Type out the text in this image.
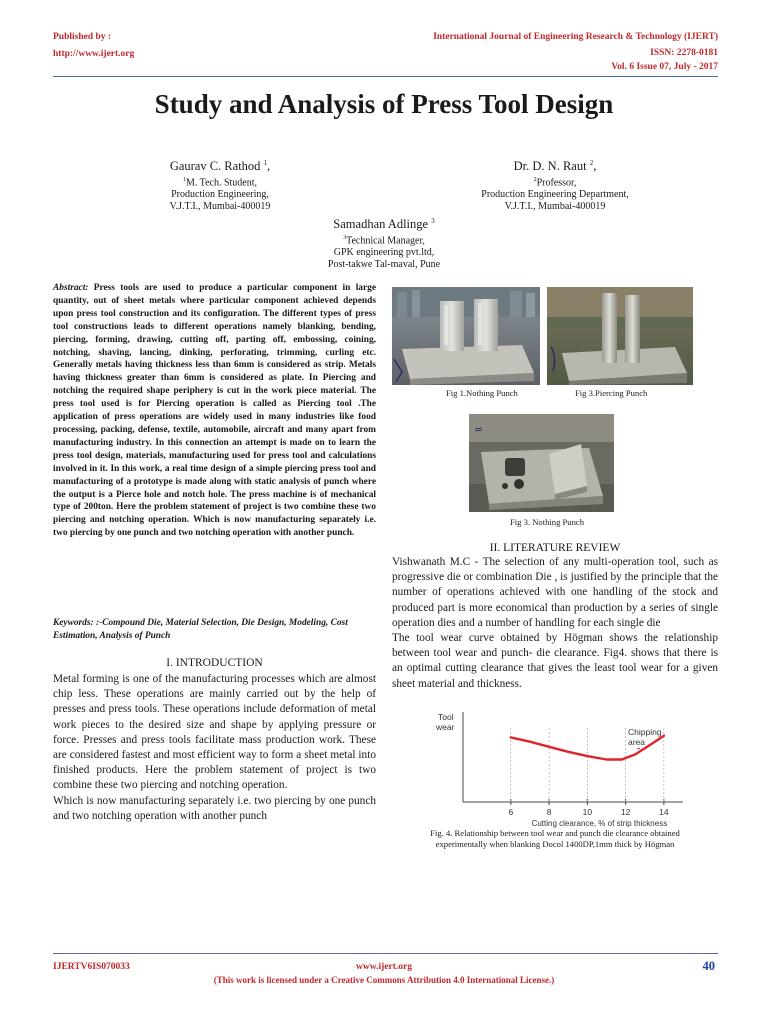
Published by :
http://www.ijert.org
International Journal of Engineering Research & Technology (IJERT)
ISSN: 2278-0181
Vol. 6 Issue 07, July - 2017
Study and Analysis of Press Tool Design
Gaurav C. Rathod $^1$,
$^1$M. Tech. Student,
Production Engineering,
V.J.T.I., Mumbai-400019
Dr. D. N. Raut $^2$,
$^2$Professor,
Production Engineering Department,
V.J.T.I., Mumbai-400019
Samadhan Adlinge $^3$
$^3$Technical Manager,
GPK engineering pvt.ltd,
Post-takwe Tal-maval, Pune

Abstract: Press tools are used to produce a particular component in large quantity, out of sheet metals where particular component achieved depends upon press tool construction and its configuration. The different types of press tool constructions leads to different operations namely blanking, bending, piercing, forming, drawing, cutting off, parting off, embossing, coining, notching, shaving, lancing, dinking, perforating, trimming, curling etc. Generally metals having thickness less than 6mm is considered as strip. Metals having thickness greater than 6mm is considered as plate. In Piercing and notching the required shape periphery is cut in the work piece material. The press tool used is for Piercing operation is called as Piercing tool .The application of press operations are widely used in many industries like food processing, packing, defense, textile, automobile, aircraft and many apart from manufacturing industry. In this connection an attempt is made on to learn the press tool design, materials, manufacturing used for press tool and calculations involved in it. In this work, a real time design of a simple piercing press tool and manufacturing of a prototype is made along with static analysis of punch where the output is a Pierce hole and notch hole. The press machine is of mechanical type of 200ton. Here the problem statement of project is two combine these two piercing and notching operation. Which is now manufacturing separately i.e. two piercing by one punch and two notching operation with another punch.

Keywords: :-Compound Die, Material Selection, Die Design, Modeling, Cost Estimation, Analysis of Punch

I. INTRODUCTION

Metal forming is one of the manufacturing processes which are almost chip less. These operations are mainly carried out by the help of presses and press tools. These operations include deformation of metal work pieces to the desired size and shape by applying pressure or force. Presses and press tools facilitate mass production work. These are considered fastest and most efficient way to form a sheet metal into finished products. Here the problem statement of project is two combine these two piercing and notching operation.

Which is now manufacturing separately i.e. two piercing by one punch and two notching operation with another punch

≈
Fig 1.Nothing Punch	Fig 3.Piercing Punch
Fig 3. Nothing Punch
II. LITERATURE REVIEW

Vishwanath M.C - The selection of any multi-operation tool, such as progressive die or combination Die , is justified by the principle that the number of operations achieved with one handling of the stock and produced part is more economical than production by a series of single operation dies and a number of handling for each single die

The tool wear curve obtained by Högman shows the relationship between tool wear and punch- die clearance. Fig4. shows that there is an optimal cutting clearance that gives the least tool wear for a given sheet material and thickness.

Tool
wear
6	8	10	12	14
Cutting clearance, % of strip thickness
Chipping
area
Fig. 4. Relationship between tool wear and punch die clearance obtained
experimentally when blanking Docol 1400DP,1mm thick by Högman
IJERTV6IS070033	www.ijert.org
(This work is licensed under a Creative Commons Attribution 4.0 International License.)
40
